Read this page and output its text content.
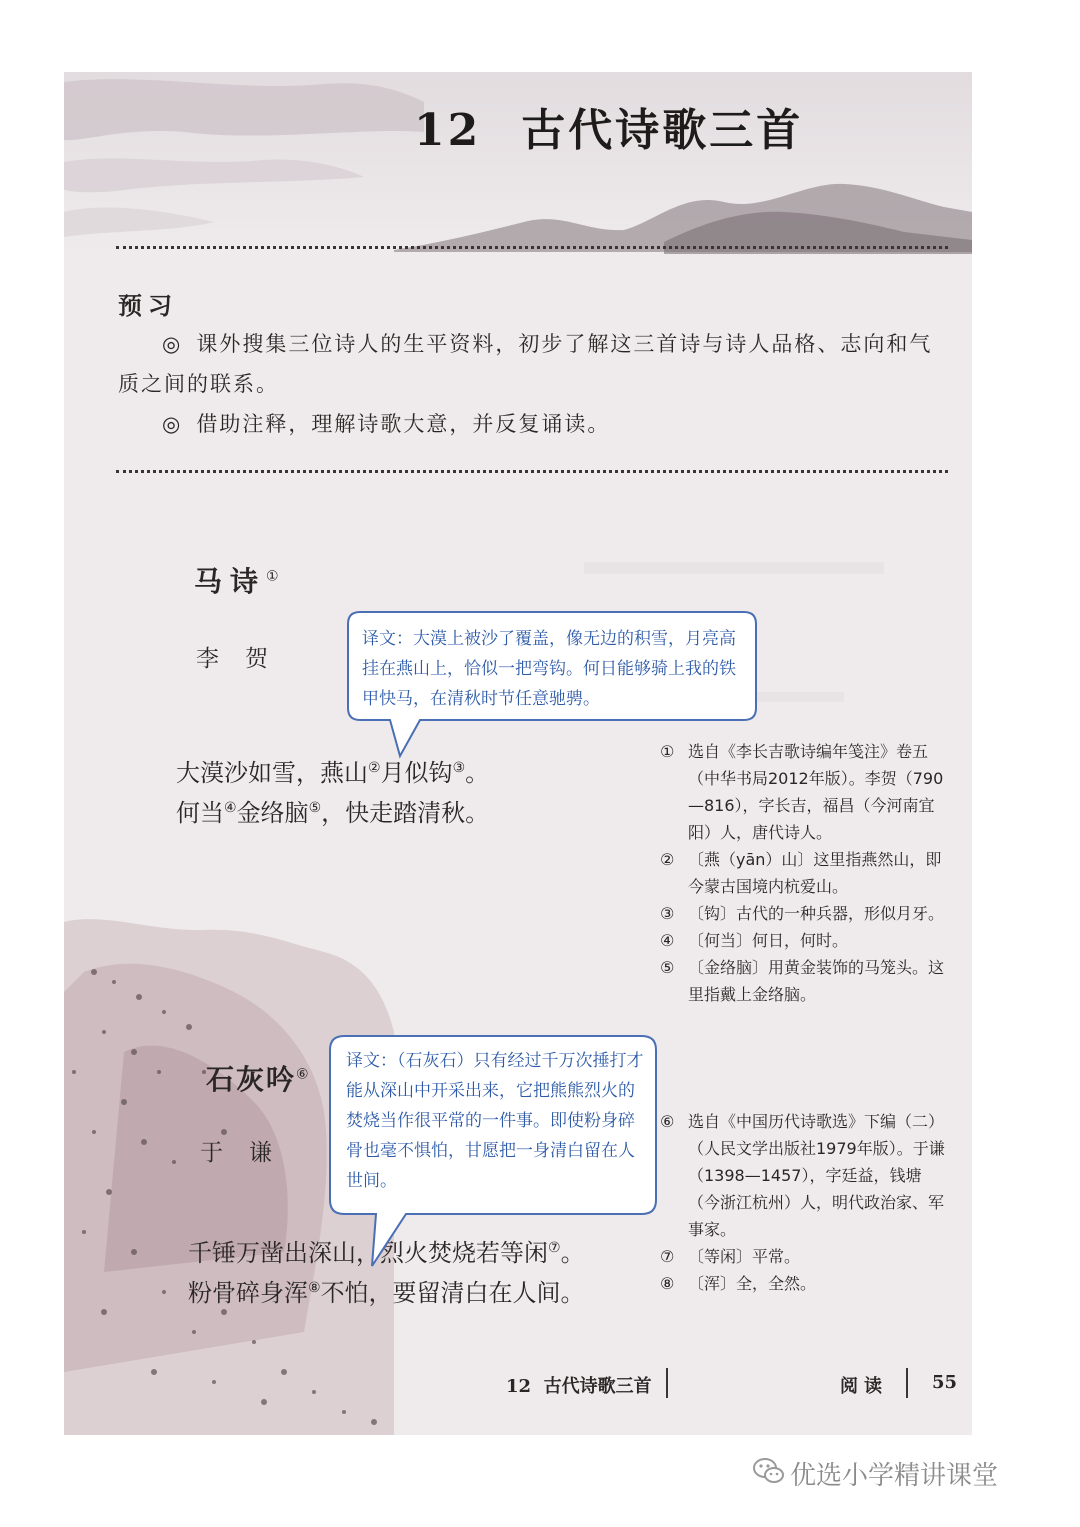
12 古代诗歌三首
预习
◎ 课外搜集三位诗人的生平资料，初步了解这三首诗与诗人品格、志向和气质之间的联系。
◎ 借助注释，理解诗歌大意，并反复诵读。
马诗①
李贺
大漠沙如雪，燕山②月似钩③。
何当④金络脑⑤，快走踏清秋。
石灰吟⑥
于谦
千锤万凿出深山，烈火焚烧若等闲⑦。
粉骨碎身浑⑧不怕，要留清白在人间。
① 选自《李长吉歌诗编年笺注》卷五（中华书局2012年版）。李贺（790—816），字长吉，福昌（今河南宜阳）人，唐代诗人。
② 〔燕（yān）山〕这里指燕然山，即今蒙古国境内杭爱山。
③ 〔钩〕古代的一种兵器，形似月牙。
④ 〔何当〕何日，何时。
⑤ 〔金络脑〕用黄金装饰的马笼头。这里指戴上金络脑。
⑥ 选自《中国历代诗歌选》下编（二）（人民文学出版社1979年版）。于谦（1398—1457），字廷益，钱塘（今浙江杭州）人，明代政治家、军事家。
⑦ 〔等闲〕平常。
⑧ 〔浑〕全，全然。
12  古代诗歌三首	阅读 55
译文：大漠上被沙了覆盖，像无边的积雪，月亮高挂在燕山上，恰似一把弯钩。何日能够骑上我的铁甲快马，在清秋时节任意驰骋。
译文：（石灰石）只有经过千万次捶打才能从深山中开采出来，它把熊熊烈火的焚烧当作很平常的一件事。即使粉身碎骨也毫不惧怕，甘愿把一身清白留在人世间。
优选小学精讲课堂
